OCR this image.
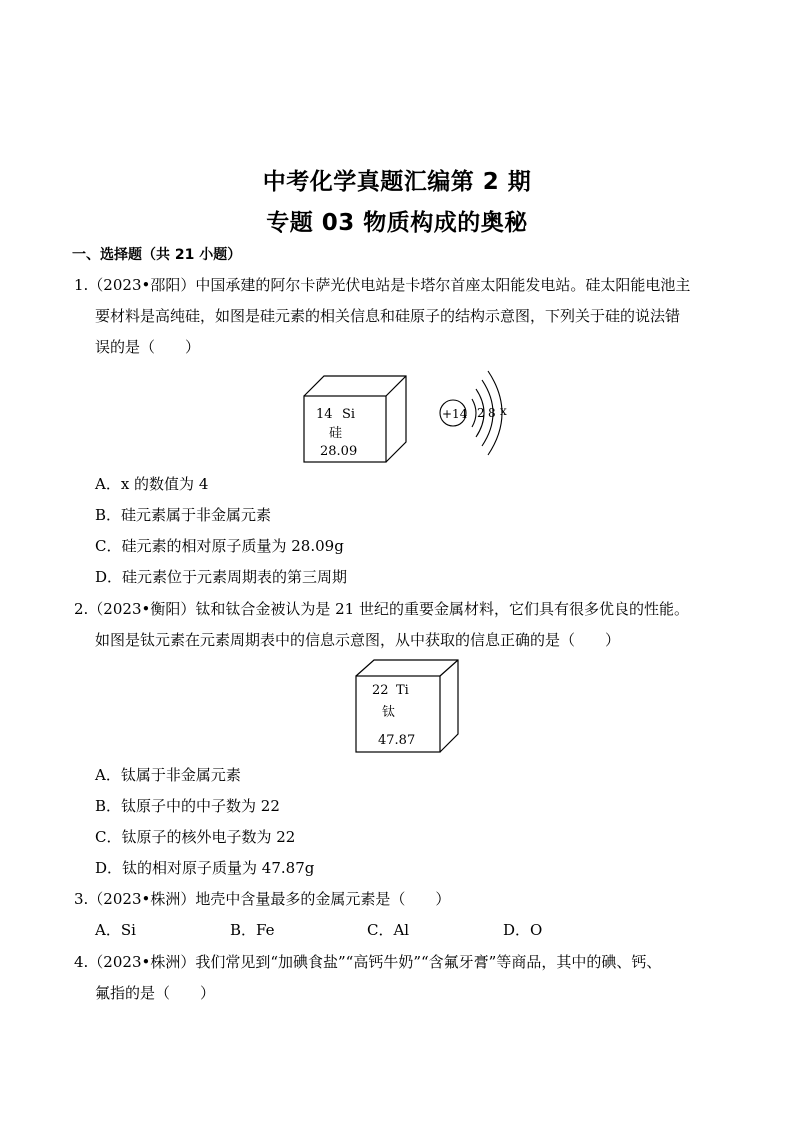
中考化学真题汇编第 2 期
专题 03 物质构成的奥秘
一、选择题（共 21 小题）
1.（2023•邵阳）中国承建的阿尔卡萨光伏电站是卡塔尔首座太阳能发电站。硅太阳能电池主
要材料是高纯硅，如图是硅元素的相关信息和硅原子的结构示意图，下列关于硅的说法错
误的是（　　）
14 Si
硅
28.09
+14 2 8 x
A．x 的数值为 4
B．硅元素属于非金属元素
C．硅元素的相对原子质量为 28.09g
D．硅元素位于元素周期表的第三周期
2.（2023•衡阳）钛和钛合金被认为是 21 世纪的重要金属材料，它们具有很多优良的性能。
如图是钛元素在元素周期表中的信息示意图，从中获取的信息正确的是（　　）
22 Ti
钛
47.87
A．钛属于非金属元素
B．钛原子中的中子数为 22
C．钛原子的核外电子数为 22
D．钛的相对原子质量为 47.87g
3.（2023•株洲）地壳中含量最多的金属元素是（　　）
A．Si	B．Fe	C．Al	D．O
4.（2023•株洲）我们常见到“加碘食盐”“高钙牛奶”“含氟牙膏”等商品，其中的碘、钙、
氟指的是（　　）
